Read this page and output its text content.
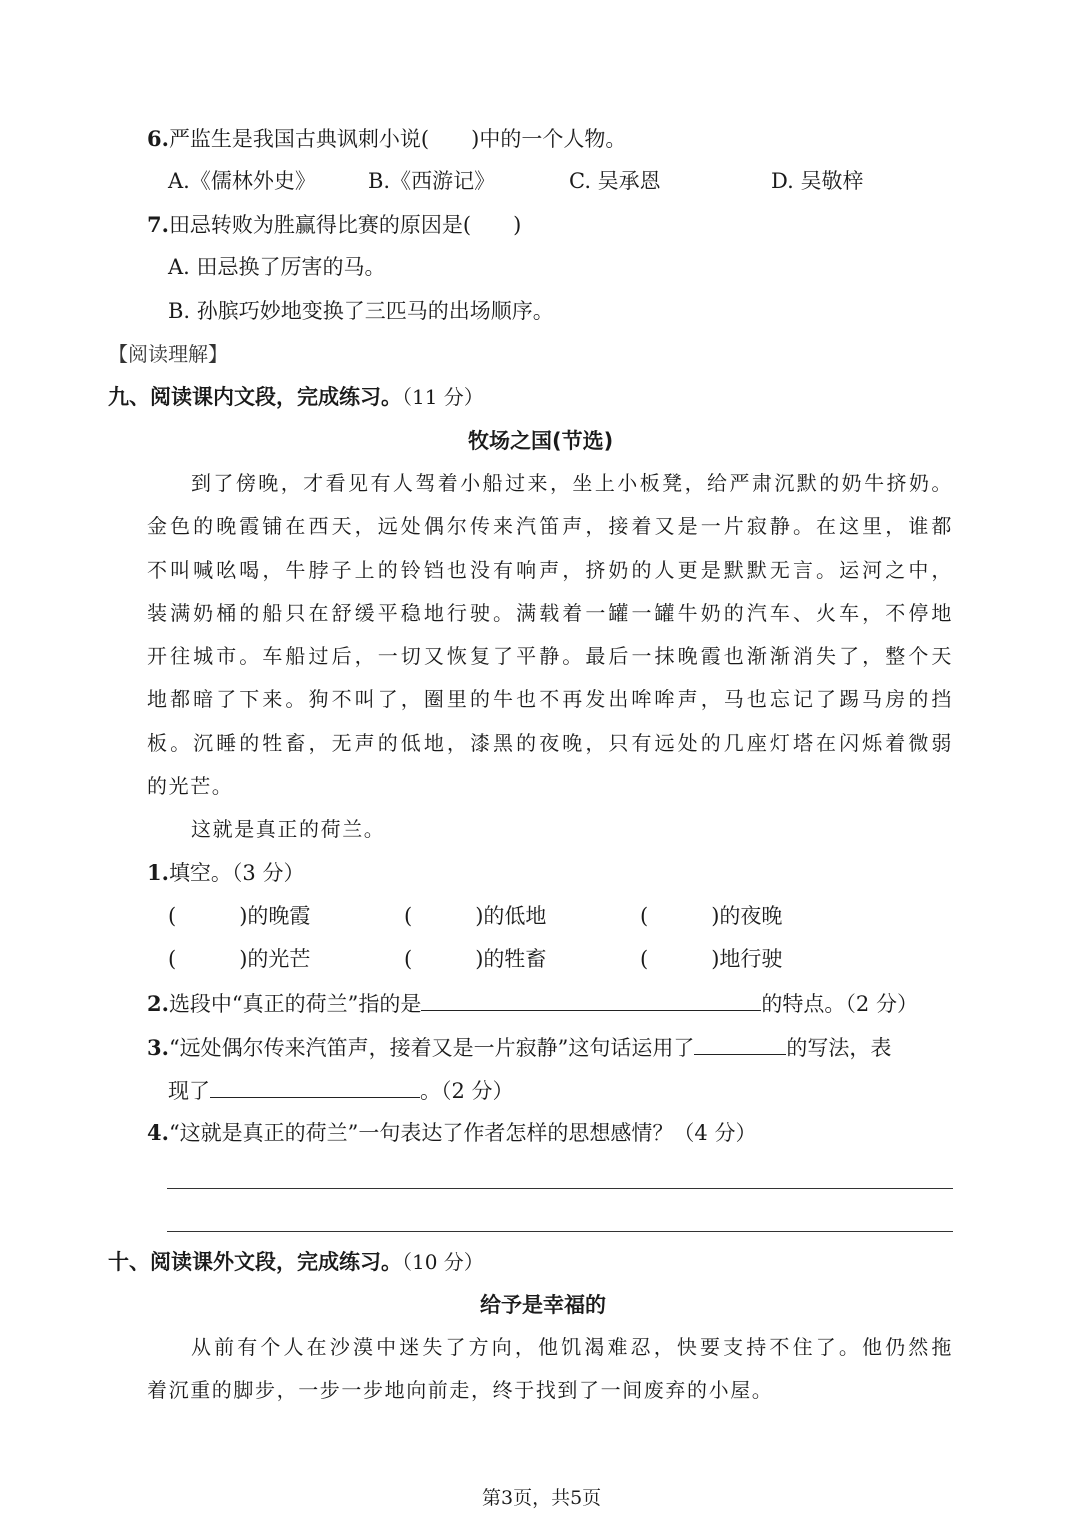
6.严监生是我国古典讽刺小说(　　)中的一个人物。
A.《儒林外史》 B.《西游记》	C. 吴承恩	D. 吴敬梓
7.田忌转败为胜赢得比赛的原因是(　　)
A. 田忌换了厉害的马。
B. 孙膑巧妙地变换了三匹马的出场顺序。
【阅读理解】
九、阅读课内文段，完成练习。（11 分）
牧场之国(节选)
到了傍晚，才看见有人驾着小船过来，坐上小板凳，给严肃沉默的奶牛挤奶。
金色的晚霞铺在西天，远处偶尔传来汽笛声，接着又是一片寂静。在这里，谁都
不叫喊吆喝，牛脖子上的铃铛也没有响声，挤奶的人更是默默无言。运河之中，
装满奶桶的船只在舒缓平稳地行驶。满载着一罐一罐牛奶的汽车、火车，不停地
开往城市。车船过后，一切又恢复了平静。最后一抹晚霞也渐渐消失了，整个天
地都暗了下来。狗不叫了，圈里的牛也不再发出哞哞声，马也忘记了踢马房的挡
板。沉睡的牲畜，无声的低地，漆黑的夜晚，只有远处的几座灯塔在闪烁着微弱
的光芒。
这就是真正的荷兰。
1.填空。（3 分）
(　　　)的晚霞	(　　　)的低地	(　　　)的夜晚
(　　　)的光芒	(　　　)的牲畜	(　　　)地行驶
2.选段中“真正的荷兰”指的是	的特点。（2 分）
3.“远处偶尔传来汽笛声，接着又是一片寂静”这句话运用了	的写法，表
现了	。（2 分）
4.“这就是真正的荷兰”一句表达了作者怎样的思想感情？（4 分）
十、阅读课外文段，完成练习。（10 分）
给予是幸福的
从前有个人在沙漠中迷失了方向，他饥渴难忍，快要支持不住了。他仍然拖
着沉重的脚步，一步一步地向前走，终于找到了一间废弃的小屋。
第3页，共5页
